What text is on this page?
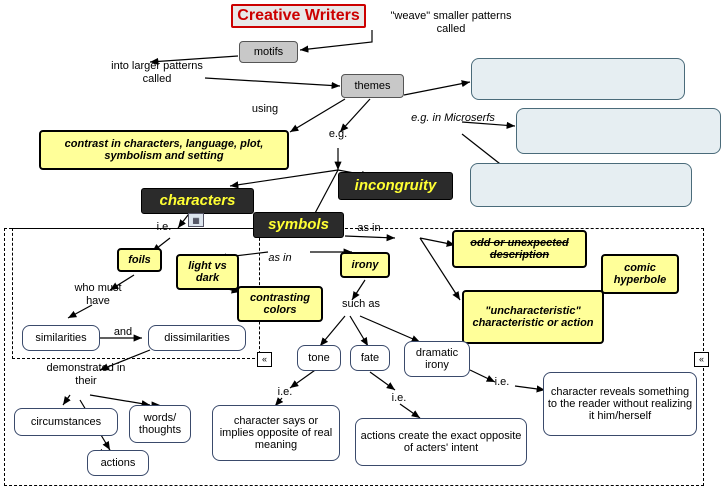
Creative Writers
motifs
themes
contrast in characters, language, plot, symbolism and setting
characters
incongruity
symbols
foils	light vs dark
contrasting colors
irony
odd or unexpected description
comic hyperbole
"uncharacteristic" characteristic or action
similarities	dissimilarities
circumstances	words/ thoughts
actions
tone	fate	dramatic irony
character says or implies opposite of real meaning
actions create the exact opposite of acters' intent
character reveals something to the reader without realizing it him/herself
"weave" smaller patterns called
into larger patterns called
using
e.g. in Microserfs
e.g.
i.e.	as in
as in
who must have
and
demonstrated in their
such as
i.e.	i.e.
i.e.
«	«
▦
